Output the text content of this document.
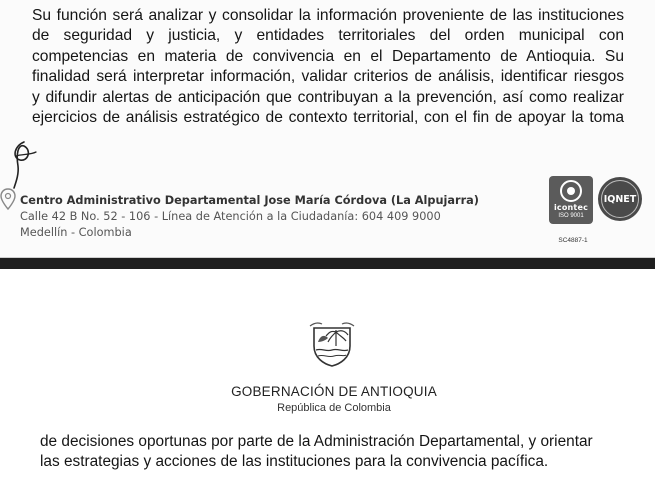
Su función será analizar y consolidar la información proveniente de las instituciones
de seguridad y justicia, y entidades territoriales del orden municipal con
competencias en materia de convivencia en el Departamento de Antioquia. Su
finalidad será interpretar información, validar criterios de análisis, identificar riesgos
y difundir alertas de anticipación que contribuyan a la prevención, así como realizar
ejercicios de análisis estratégico de contexto territorial, con el fin de apoyar la toma

Centro Administrativo Departamental Jose María Córdova (La Alpujarra)
Calle 42 B No. 52 - 106 - Línea de Atención a la Ciudadanía: 604 409 9000
Medellín - Colombia
icontec
ISO 9001
SC4887-1
IQNET
GOBERNACIÓN DE ANTIOQUIA
República de Colombia

de decisiones oportunas por parte de la Administración Departamental, y orientar
las estrategias y acciones de las instituciones para la convivencia pacífica.
